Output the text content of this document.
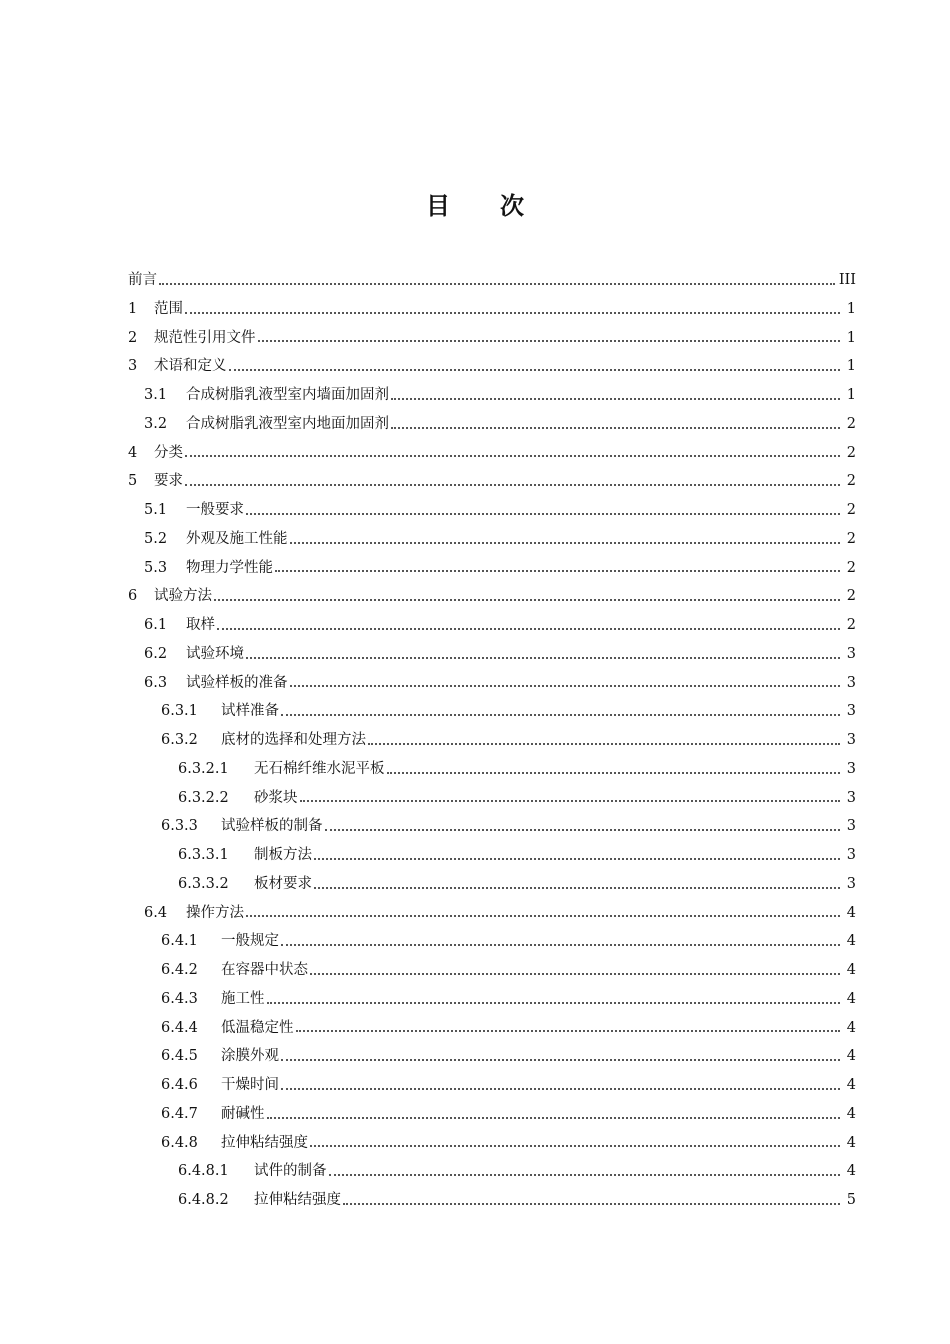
目 次
前言	III
1	范围	1
2	规范性引用文件	1
3	术语和定义	1
3.1	合成树脂乳液型室内墙面加固剂	1
3.2	合成树脂乳液型室内地面加固剂	2
4	分类	2
5	要求	2
5.1	一般要求	2
5.2	外观及施工性能	2
5.3	物理力学性能	2
6	试验方法	2
6.1	取样	2
6.2	试验环境	3
6.3	试验样板的准备	3
6.3.1	试样准备	3
6.3.2	底材的选择和处理方法	3
6.3.2.1	无石棉纤维水泥平板	3
6.3.2.2	砂浆块	3
6.3.3	试验样板的制备	3
6.3.3.1	制板方法	3
6.3.3.2	板材要求	3
6.4	操作方法	4
6.4.1	一般规定	4
6.4.2	在容器中状态	4
6.4.3	施工性	4
6.4.4	低温稳定性	4
6.4.5	涂膜外观	4
6.4.6	干燥时间	4
6.4.7	耐碱性	4
6.4.8	拉伸粘结强度	4
6.4.8.1	试件的制备	4
6.4.8.2	拉伸粘结强度	5
